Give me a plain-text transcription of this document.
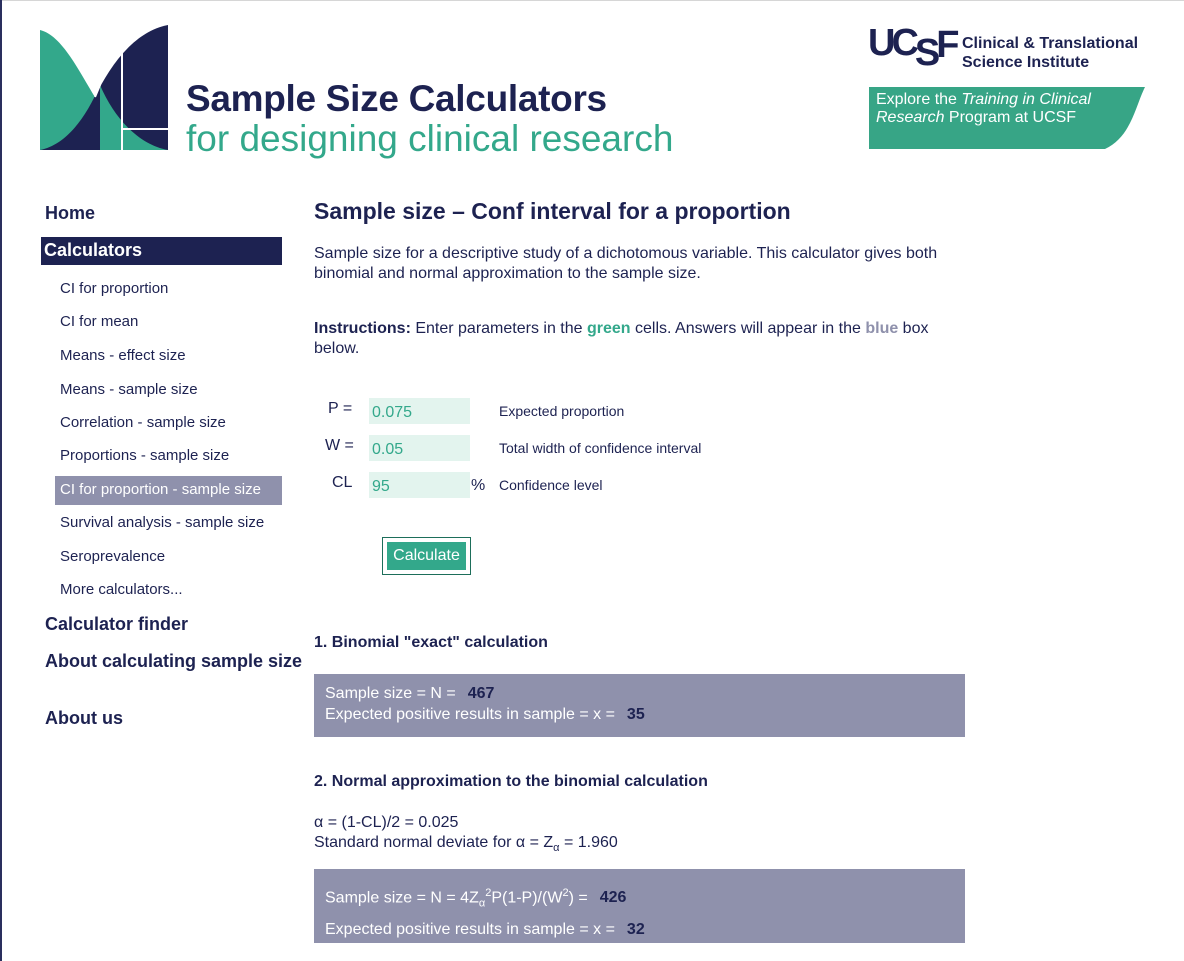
Sample Size Calculators
for designing clinical research
UCSF Clinical & Translational
Science Institute
Explore the Training in Clinical Research Program at UCSF
Home
Calculators
CI for proportion
CI for mean
Means - effect size
Means - sample size
Correlation - sample size
Proportions - sample size
CI for proportion - sample size
Survival analysis - sample size
Seroprevalence
More calculators...
Calculator finder
About calculating sample size
About us
Sample size – Conf interval for a proportion
Sample size for a descriptive study of a dichotomous variable. This calculator gives both binomial and normal approximation to the sample size.
Instructions: Enter parameters in the green cells. Answers will appear in the blue box below.
P =
0.075	Expected proportion
W =
0.05	Total width of confidence interval
CL
95	% Confidence level
Calculate
1. Binomial "exact" calculation
Sample size = N = 467
Expected positive results in sample = x = 35
2. Normal approximation to the binomial calculation
α = (1-CL)/2 = 0.025
Standard normal deviate for $\alpha = Z_\alpha = 1.960$
Sample size = $N = 4Z_\alpha^2P(1-P)/(W^2) = 426$
Expected positive results in sample = x = 32
